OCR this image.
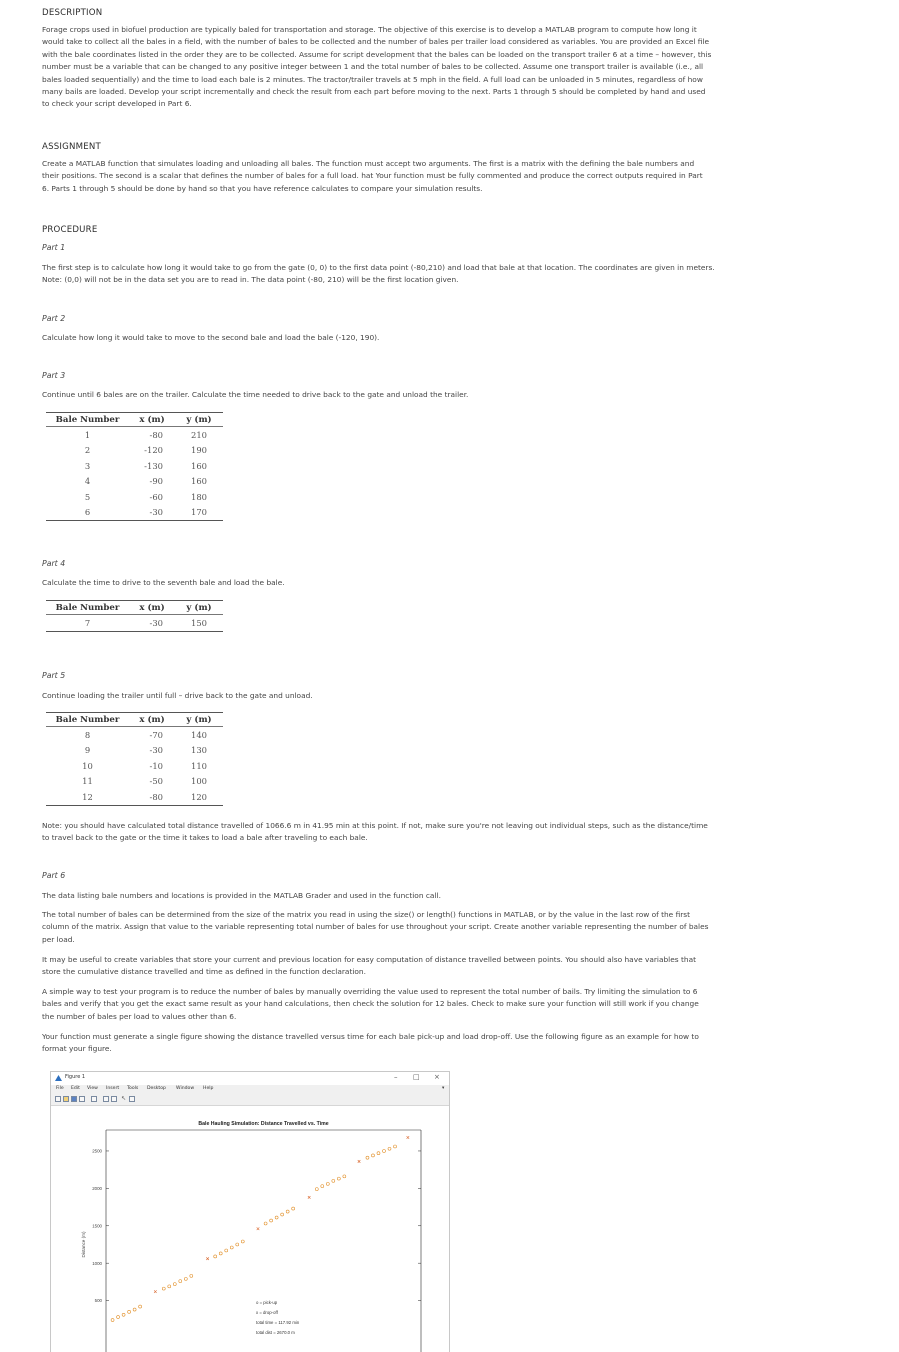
DESCRIPTION
Forage crops used in biofuel production are typically baled for transportation and storage. The objective of this exercise is to develop a MATLAB program to compute how long it
would take to collect all the bales in a field, with the number of bales to be collected and the number of bales per trailer load considered as variables. You are provided an Excel file
with the bale coordinates listed in the order they are to be collected. Assume for script development that the bales can be loaded on the transport trailer 6 at a time – however, this
number must be a variable that can be changed to any positive integer between 1 and the total number of bales to be collected. Assume one transport trailer is available (i.e., all
bales loaded sequentially) and the time to load each bale is 2 minutes. The tractor/trailer travels at 5 mph in the field. A full load can be unloaded in 5 minutes, regardless of how
many bails are loaded. Develop your script incrementally and check the result from each part before moving to the next. Parts 1 through 5 should be completed by hand and used
to check your script developed in Part 6.
ASSIGNMENT
Create a MATLAB function that simulates loading and unloading all bales. The function must accept two arguments. The first is a matrix with the defining the bale numbers and
their positions. The second is a scalar that defines the number of bales for a full load. hat Your function must be fully commented and produce the correct outputs required in Part
6. Parts 1 through 5 should be done by hand so that you have reference calculates to compare your simulation results.
PROCEDURE
Part 1
The first step is to calculate how long it would take to go from the gate (0, 0) to the first data point (-80,210) and load that bale at that location. The coordinates are given in meters.
Note: (0,0) will not be in the data set you are to read in. The data point (-80, 210) will be the first location given.
Part 2
Calculate how long it would take to move to the second bale and load the bale (-120, 190).
Part 3
Continue until 6 bales are on the trailer. Calculate the time needed to drive back to the gate and unload the trailer.
Bale Number	x (m)	y (m)
1	-80	210
2	-120	190
3	-130	160
4	-90	160
5	-60	180
6	-30	170
Part 4
Calculate the time to drive to the seventh bale and load the bale.
Bale Number	x (m)	y (m)
7	-30	150
Part 5
Continue loading the trailer until full – drive back to the gate and unload.
Bale Number	x (m)	y (m)
8	-70	140
9	-30	130
10	-10	110
11	-50	100
12	-80	120
Note: you should have calculated total distance travelled of 1066.6 m in 41.95 min at this point. If not, make sure you're not leaving out individual steps, such as the distance/time
to travel back to the gate or the time it takes to load a bale after traveling to each bale.
Part 6
The data listing bale numbers and locations is provided in the MATLAB Grader and used in the function call.
The total number of bales can be determined from the size of the matrix you read in using the size() or length() functions in MATLAB, or by the value in the last row of the first
column of the matrix. Assign that value to the variable representing total number of bales for use throughout your script. Create another variable representing the number of bales
per load.
It may be useful to create variables that store your current and previous location for easy computation of distance travelled between points. You should also have variables that
store the cumulative distance travelled and time as defined in the function declaration.
A simple way to test your program is to reduce the number of bales by manually overriding the value used to represent the total number of bails. Try limiting the simulation to 6
bales and verify that you get the exact same result as your hand calculations, then check the solution for 12 bales. Check to make sure your function will still work if you change
the number of bales per load to values other than 6.
Your function must generate a single figure showing the distance travelled versus time for each bale pick-up and load drop-off. Use the following figure as an example for how to
format your figure.
Figure 1	– □ ×
File Edit View Insert Tools Desktop Window Help	▾
↖
Bale Hauling Simulation: Distance Travelled vs. Time
500
1000
1500
2000
2500
Distance (m)
o = pick-up
x = drop-off
total time = 117.92 min
total dist = 2670.0 m
